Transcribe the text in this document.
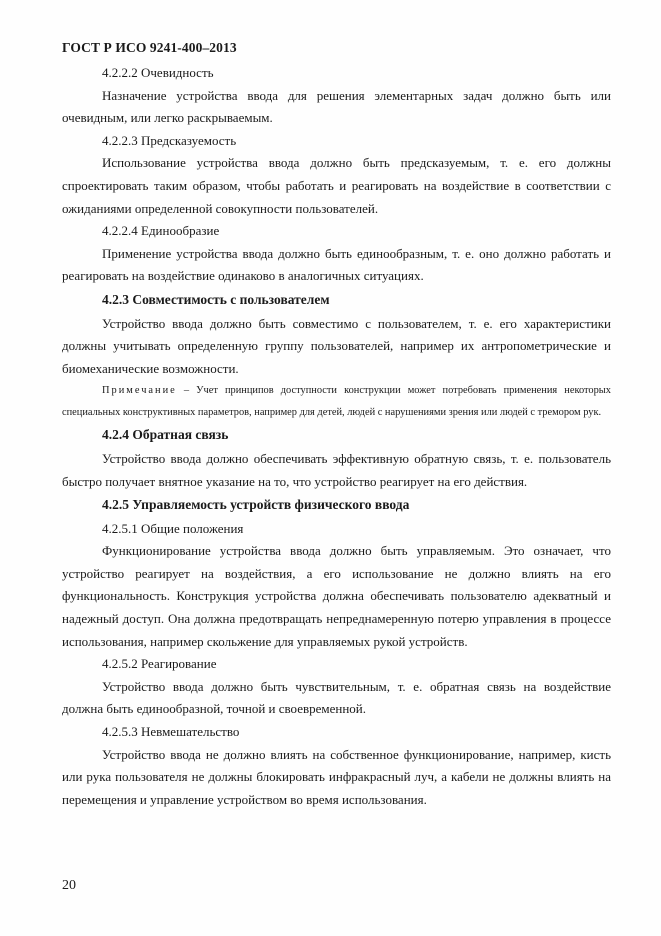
ГОСТ Р ИСО 9241-400–2013

4.2.2.2 Очевидность

Назначение устройства ввода для решения элементарных задач должно быть или очевидным, или легко раскрываемым.

4.2.2.3 Предсказуемость

Использование устройства ввода должно быть предсказуемым, т. е. его должны спроектировать таким образом, чтобы работать и реагировать на воздействие в соответствии с ожиданиями определенной совокупности пользователей.

4.2.2.4 Единообразие

Применение устройства ввода должно быть единообразным, т. е. оно должно работать и реагировать на воздействие одинаково в аналогичных ситуациях.

4.2.3 Совместимость с пользователем

Устройство ввода должно быть совместимо с пользователем, т. е. его характеристики должны учитывать определенную группу пользователей, например их антропометрические и биомеханические возможности.

Примечание – Учет принципов доступности конструкции может потребовать применения некоторых специальных конструктивных параметров, например для детей, людей с нарушениями зрения или людей с тремором рук.

4.2.4 Обратная связь

Устройство ввода должно обеспечивать эффективную обратную связь, т. е. пользователь быстро получает внятное указание на то, что устройство реагирует на его действия.

4.2.5 Управляемость устройств физического ввода

4.2.5.1 Общие положения

Функционирование устройства ввода должно быть управляемым. Это означает, что устройство реагирует на воздействия, а его использование не должно влиять на его функциональность. Конструкция устройства должна обеспечивать пользователю адекватный и надежный доступ. Она должна предотвращать непреднамеренную потерю управления в процессе использования, например скольжение для управляемых рукой устройств.

4.2.5.2 Реагирование

Устройство ввода должно быть чувствительным, т. е. обратная связь на воздействие должна быть единообразной, точной и своевременной.

4.2.5.3 Невмешательство

Устройство ввода не должно влиять на собственное функционирование, например, кисть или рука пользователя не должны блокировать инфракрасный луч, а кабели не должны влиять на перемещения и управление устройством во время использования.

20
